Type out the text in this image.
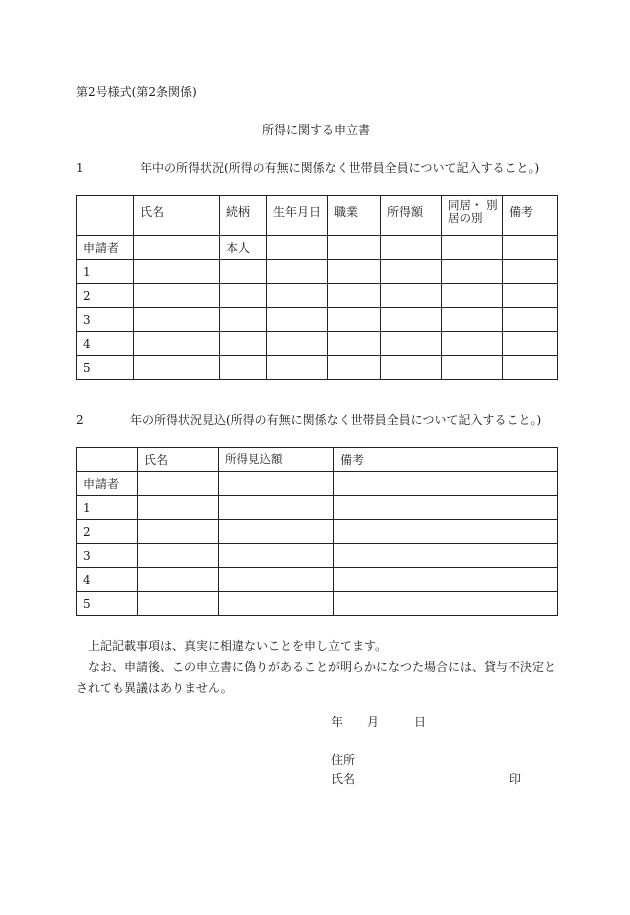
第2号様式(第2条関係)
所得に関する申立書
1	年中の所得状況(所得の有無に関係なく世帯員全員について記入すること。)
	氏名	続柄	生年月日	職業	所得額	同居・ 別居の別	備考
申請者		本人					
1							
2							
3							
4							
5							
2	年の所得状況見込(所得の有無に関係なく世帯員全員について記入すること。)
	氏名	所得見込額	備考
申請者			
1			
2			
3			
4			
5			
上記記載事項は、真実に相違ないことを申し立てます。
なお、申請後、この申立書に偽りがあることが明らかになつた場合には、貸与不決定とされても異議はありません。
年 月	日
住所
氏名	印
